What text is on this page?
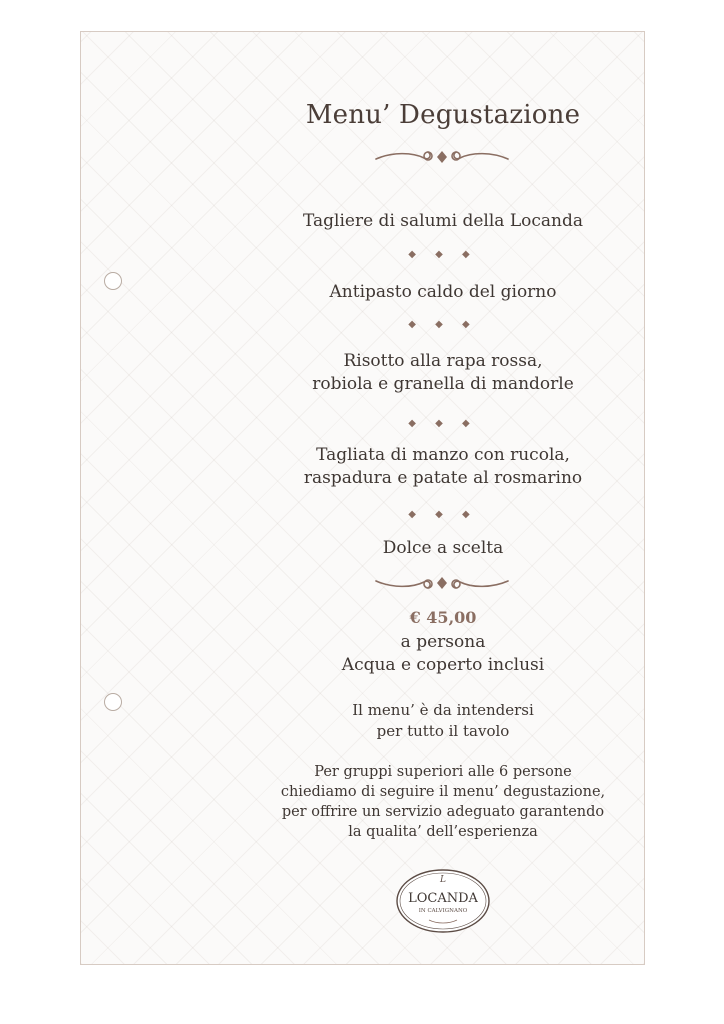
Menu’ Degustazione
Tagliere di salumi della Locanda
◆ ◆ ◆
Antipasto caldo del giorno
◆ ◆ ◆
Risotto alla rapa rossa,
robiola e granella di mandorle
◆ ◆ ◆
Tagliata di manzo con rucola,
raspadura e patate al rosmarino
◆ ◆ ◆
Dolce a scelta
€ 45,00
a persona
Acqua e coperto inclusi
Il menu’ è da intendersi
per tutto il tavolo
Per gruppi superiori alle 6 persone
chiediamo di seguire il menu’ degustazione,
per offrire un servizio adeguato garantendo
la qualita’ dell’esperienza
L
LOCANDA
IN CALVIGNANO
